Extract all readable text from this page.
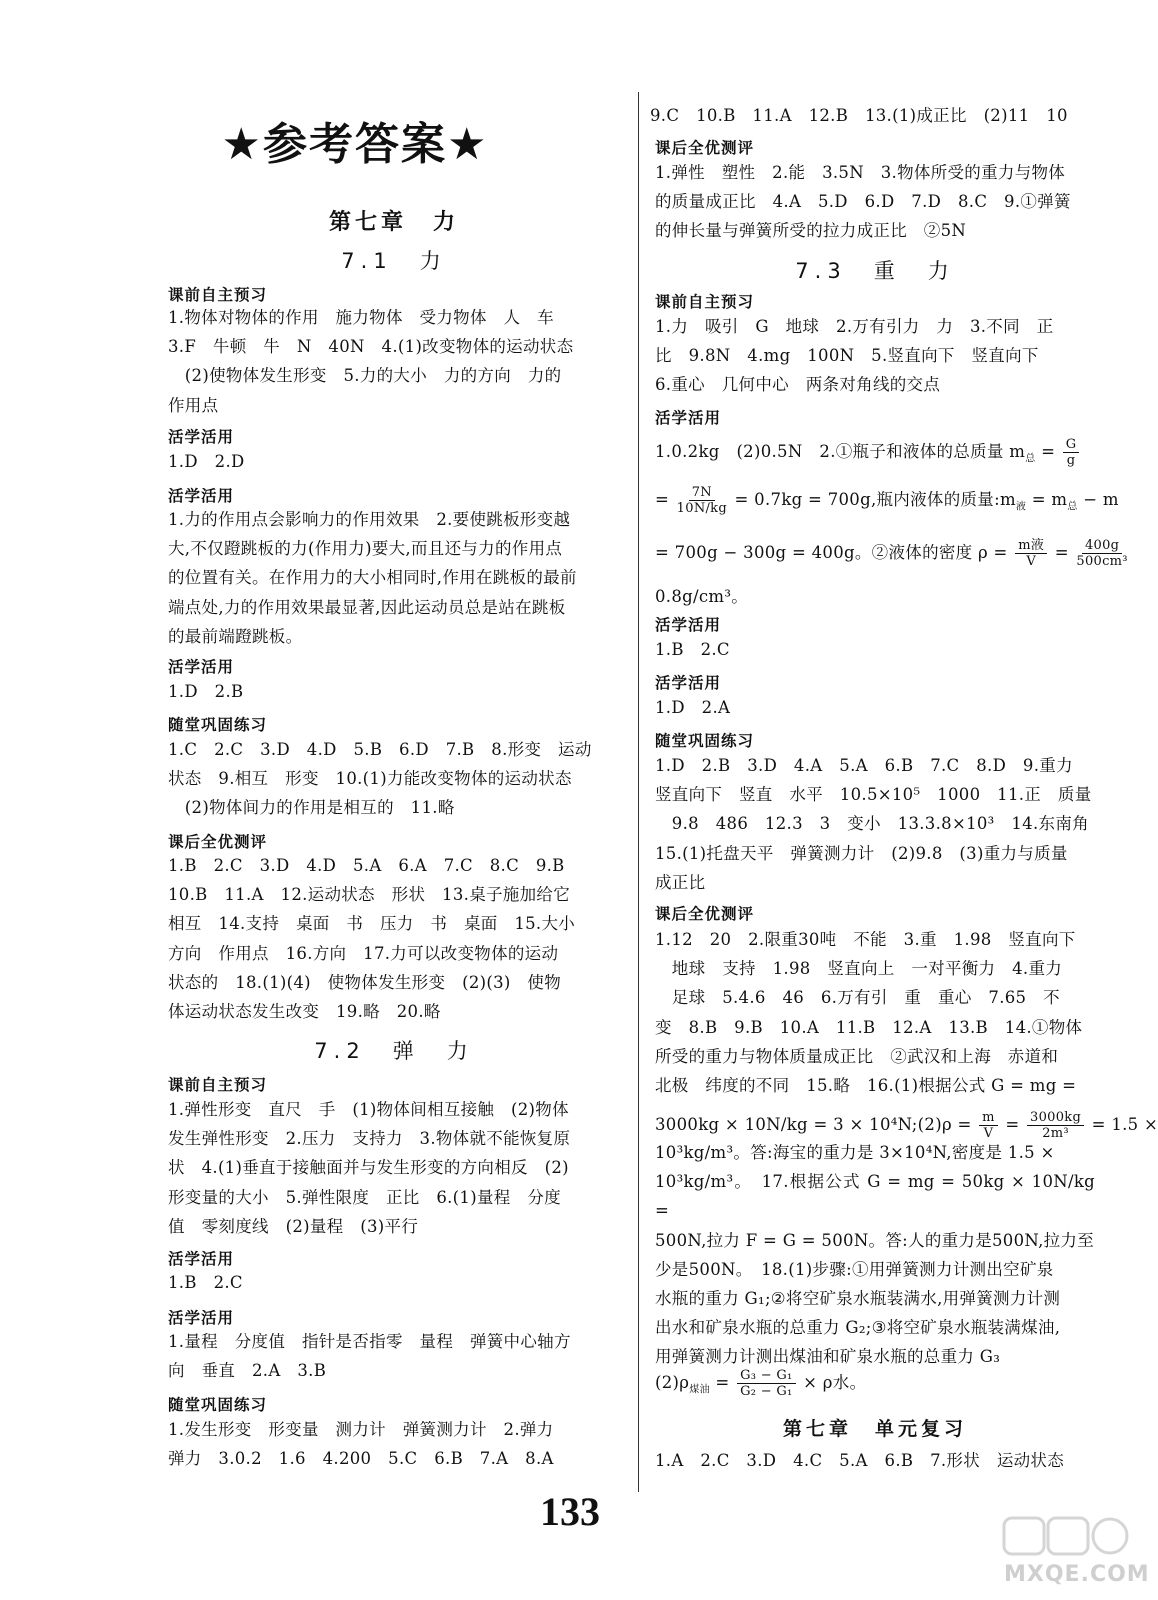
★参考答案★
第七章　力
7.1　力
课前自主预习
1.物体对物体的作用　施力物体　受力物体　人　车
3.F　牛顿　牛　N　40N　4.(1)改变物体的运动状态
　(2)使物体发生形变　5.力的大小　力的方向　力的
作用点
活学活用
1.D　2.D
活学活用
1.力的作用点会影响力的作用效果　2.要使跳板形变越
大,不仅蹬跳板的力(作用力)要大,而且还与力的作用点
的位置有关。在作用力的大小相同时,作用在跳板的最前
端点处,力的作用效果最显著,因此运动员总是站在跳板
的最前端蹬跳板。
活学活用
1.D　2.B
随堂巩固练习
1.C　2.C　3.D　4.D　5.B　6.D　7.B　8.形变　运动
状态　9.相互　形变　10.(1)力能改变物体的运动状态
　(2)物体间力的作用是相互的　11.略
课后全优测评
1.B　2.C　3.D　4.D　5.A　6.A　7.C　8.C　9.B
10.B　11.A　12.运动状态　形状　13.桌子施加给它
相互　14.支持　桌面　书　压力　书　桌面　15.大小
方向　作用点　16.方向　17.力可以改变物体的运动
状态的　18.(1)(4)　使物体发生形变　(2)(3)　使物
体运动状态发生改变　19.略　20.略
7.2　弹　力
课前自主预习
1.弹性形变　直尺　手　(1)物体间相互接触　(2)物体
发生弹性形变　2.压力　支持力　3.物体就不能恢复原
状　4.(1)垂直于接触面并与发生形变的方向相反　(2)
形变量的大小　5.弹性限度　正比　6.(1)量程　分度
值　零刻度线　(2)量程　(3)平行
活学活用
1.B　2.C
活学活用
1.量程　分度值　指针是否指零　量程　弹簧中心轴方
向　垂直　2.A　3.B
随堂巩固练习
1.发生形变　形变量　测力计　弹簧测力计　2.弹力
弹力　3.0.2　1.6　4.200　5.C　6.B　7.A　8.A
9.C　10.B　11.A　12.B　13.(1)成正比　(2)11　10
课后全优测评
1.弹性　塑性　2.能　3.5N　3.物体所受的重力与物体
的质量成正比　4.A　5.D　6.D　7.D　8.C　9.①弹簧
的伸长量与弹簧所受的拉力成正比　②5N
7.3　重　力
课前自主预习
1.力　吸引　G　地球　2.万有引力　力　3.不同　正
比　9.8N　4.mg　100N　5.竖直向下　竖直向下
6.重心　几何中心　两条对角线的交点
活学活用
1.0.2kg　(2)0.5N　2.①瓶子和液体的总质量 $m_总 = \frac{G}{g}$
= $\frac{7N}{10N/kg} = 0.7kg = 700g$,瓶内液体的质量$:m_液 = m_总 - m$
= 700g − 300g = 400g。②液体的密度 $\rho = \frac{\text{m液}}{V} = \frac{400g}{\text{500cm³}}$
0.8g/cm³。
活学活用
1.B　2.C
活学活用
1.D　2.A
随堂巩固练习
1.D　2.B　3.D　4.A　5.A　6.B　7.C　8.D　9.重力
竖直向下　竖直　水平　10.5×10⁵　1000　11.正　质量
　9.8　486　12.3　3　变小　13.3.8×10³　14.东南角
15.(1)托盘天平　弹簧测力计　(2)9.8　(3)重力与质量
成正比
课后全优测评
1.12　20　2.限重30吨　不能　3.重　1.98　竖直向下
　地球　支持　1.98　竖直向上　一对平衡力　4.重力
　足球　5.4.6　46　6.万有引　重　重心　7.65　不
变　8.B　9.B　10.A　11.B　12.A　13.B　14.①物体
所受的重力与物体质量成正比　②武汉和上海　赤道和
北极　纬度的不同　15.略　16.(1)根据公式 G = mg =
3000kg × 10N/kg = 3 × 10⁴N;(2)ρ = $\frac{m}{V} = \frac{3000kg}{\text{2m³}} = 1.5$ ×
10³kg/m³。答:海宝的重力是 3×10⁴N,密度是 1.5 ×
10³kg/m³。　17.根据公式 G = mg = 50kg × 10N/kg =
500N,拉力 F = G = 500N。答:人的重力是500N,拉力至
少是500N。　18.(1)步骤:①用弹簧测力计测出空矿泉
水瓶的重力 G₁;②将空矿泉水瓶装满水,用弹簧测力计测
出水和矿泉水瓶的总重力 G₂;③将空矿泉水瓶装满煤油,
用弹簧测力计测出煤油和矿泉水瓶的总重力 G₃
$(2)\rho_{煤油} = \frac{\text{G₃ − G₁}}{\text{G₂ − G₁}} \times \rho$水。
第七章　单元复习
1.A　2.C　3.D　4.C　5.A　6.B　7.形状　运动状态
133
MXQE.COM
